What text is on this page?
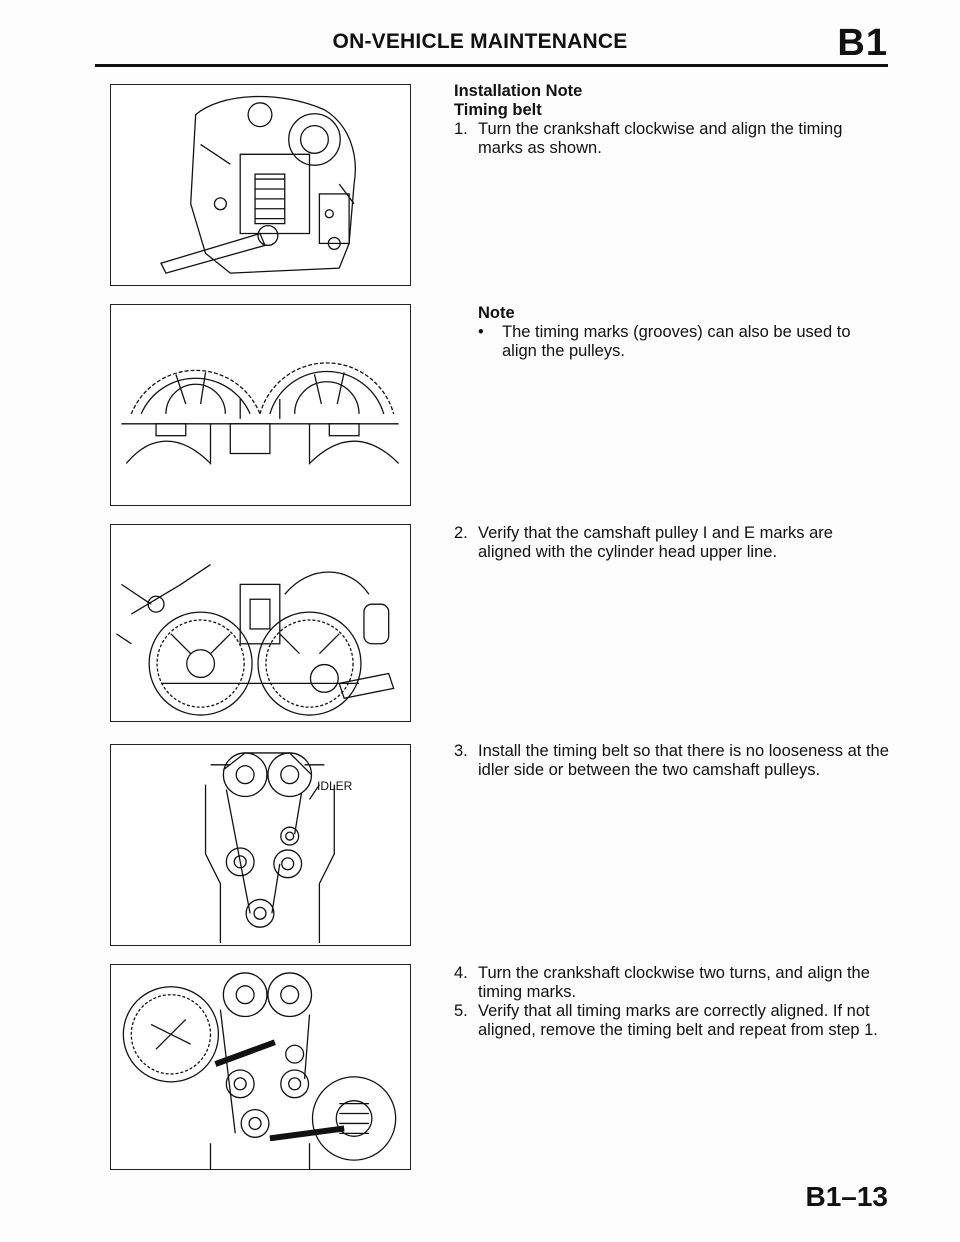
ON-VEHICLE MAINTENANCE	B1
IDLER
Installation Note
Timing belt
1. Turn the crankshaft clockwise and align the timing marks as shown.
Note
• The timing marks (grooves) can also be used to align the pulleys.
2. Verify that the camshaft pulley I and E marks are aligned with the cylinder head upper line.
3. Install the timing belt so that there is no looseness at the idler side or between the two camshaft pulleys.
4. Turn the crankshaft clockwise two turns, and align the timing marks.
5. Verify that all timing marks are correctly aligned. If not aligned, remove the timing belt and repeat from step 1.
B1–13
